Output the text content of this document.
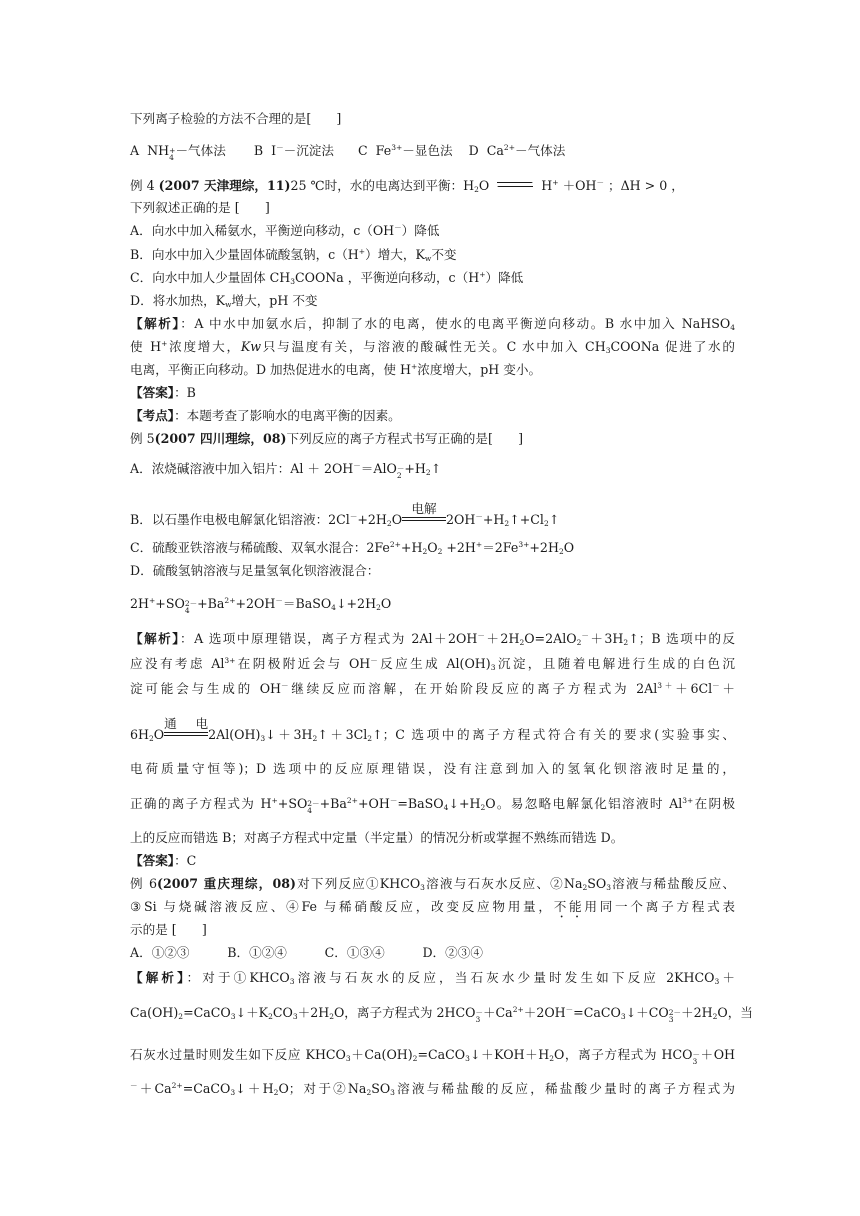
下列离子检验的方法不合理的是[　　]
A NH+
4 －气体法 B I－－沉淀法 C $Fe^{3+}-$显色法 D $Ca^{2+}-$气体法
例 4 (2007 天津理综，11)25 ℃时，水的电离达到平衡：$H_2O$	H+ ＋OH－ ；ΔH > 0 ，
下列叙述正确的是 [　　]
A．向水中加入稀氨水，平衡逆向移动，c（OH－）降低
B．向水中加入少量固体硫酸氢钠，c（H+）增大，$K_w$不变
C．向水中加人少量固体 $CH_3COONa$ ，平衡逆向移动，c（H+）降低
D．将水加热，$K_w$增大，pH 不变
【解析】：A 中水中加氨水后，抑制了水的电离，使水的电离平衡逆向移动。B 水中加入 NaHSO$_4$
使 H+浓度增大，Kw只与温度有关，与溶液的酸碱性无关。C 水中加入 $CH_3COONa$ 促进了水的
电离，平衡正向移动。D 加热促进水的电离，使 H+浓度增大，pH 变小。
【答案】：B
【考点】：本题考查了影响水的电离平衡的因素。
例 5(2007 四川理综，08)下列反应的离子方程式书写正确的是[　　]
A．浓烧碱溶液中加入铝片：Al ＋ 2OH－＝AlO－
$2 +H_2↑$
B．以石墨作电极电解氯化铝溶液：$2Cl^-+2H_2O$
电解
$2OH^-+H_2↑+Cl_2↑$
C．硫酸亚铁溶液与稀硫酸、双氧水混合：$2Fe^{2+}+H_2O_2 +2H^+=2Fe^{3+}+2H_2O$
D．硫酸氢钠溶液与足量氢氧化钡溶液混合：
2H++SO2－
$4 +Ba^{2+}+2OH^-=BaSO_4↓+2H_2O$
【解析】：A 选项中原理错误，离子方程式为 $2Al+2OH^-+2H_2O=2AlO_2^-+3H_2↑$；B 选项中的反
应没有考虑 $Al^{3+}$在阴极附近会与 OH－反应生成 $Al(OH)_3$沉淀，且随着电解进行生成的白色沉
淀可能会与生成的 OH－继续反应而溶解，在开始阶段反应的离子方程式为 $2Al^{3+}+6Cl^-+$
$6H_2O$
通电
$2Al(OH)_3↓+3H_2↑+3Cl_2↑$；C 选项中的离子方程式符合有关的要求(实验事实、
电荷质量守恒等)；D 选项中的反应原理错误，没有注意到加入的氢氧化钡溶液时足量的，
正确的离子方程式为 H++SO2－
$4 +Ba^{2+}+OH^-=BaSO_4↓+H_2O$。易忽略电解氯化铝溶液时 $Al^{3+}$在阴极
上的反应而错选 B；对离子方程式中定量（半定量）的情况分析或掌握不熟练而错选 D。
【答案】：C
例 6(2007 重庆理综，08)对下列反应$①KHCO_3$溶液与石灰水反应、$②Na_2SO_3$溶液与稀盐酸反应、
③Si 与烧碱溶液反应、④Fe 与稀硝酸反应，改变反应物用量，不能用同一个离子方程式表
示的是 [　　]
A．①②③　　　B．①②④　　　C．①③④　　　D．②③④
【解析】：对于$①KHCO_3$溶液与石灰水的反应，当石灰水少量时发生如下反应 $2KHCO_3+$
$Ca(OH)_2=CaCO_3↓+K_2CO_3+2H_2O$，离子方程式为 2HCO－
$3 +Ca^{2+}+2OH^-=CaCO_3↓+CO2-$
$3 +2H_2O$，当
石灰水过量时则发生如下反应 $KHCO_3+Ca(OH)_2=CaCO_3↓+KOH+H_2O$，离子方程式为 HCO－
3 ＋OH
$^-+Ca^{2+}=CaCO_3↓+H_2O$；对于$②Na_2SO_3$溶液与稀盐酸的反应，稀盐酸少量时的离子方程式为
